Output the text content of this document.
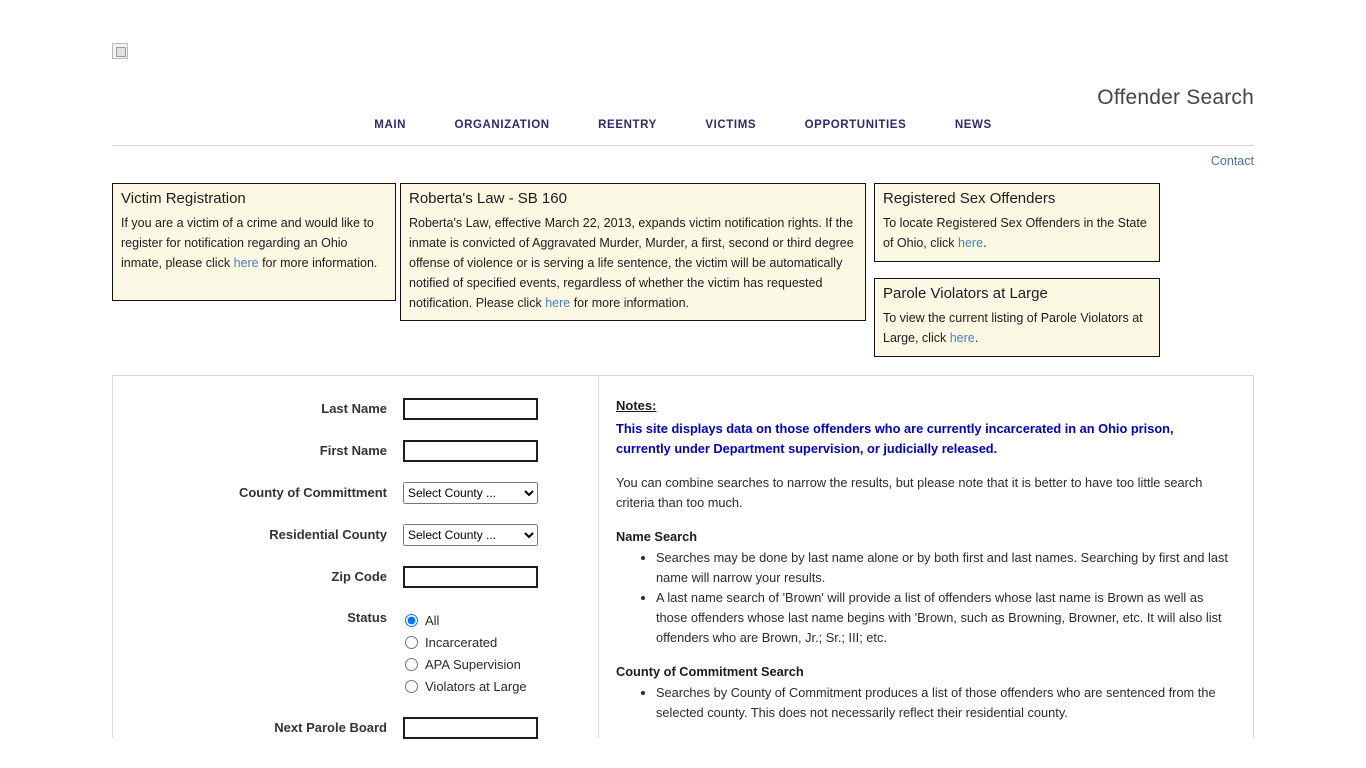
Offender Search
MAIN	ORGANIZATION	REENTRY	VICTIMS	OPPORTUNITIES	NEWS
Contact
Victim Registration

If you are a victim of a crime and would like to register for notification regarding an Ohio inmate, please click here for more information.

Roberta's Law - SB 160

Roberta's Law, effective March 22, 2013, expands victim notification rights. If the inmate is convicted of Aggravated Murder, Murder, a first, second or third degree offense of violence or is serving a life sentence, the victim will be automatically notified of specified events, regardless of whether the victim has requested notification. Please click here for more information.

Registered Sex Offenders

To locate Registered Sex Offenders in the State of Ohio, click here.

Parole Violators at Large

To view the current listing of Parole Violators at Large, click here.

Last Name
First Name
County of Committment
Select County ...
Residential County
Select County ...
Zip Code
Status	All
Incarcerated
APA Supervision
Violators at Large
Next Parole Board
Notes:
This site displays data on those offenders who are currently incarcerated in an Ohio prison, currently under Department supervision, or judicially released.
You can combine searches to narrow the results, but please note that it is better to have too little search criteria than too much.
Name Search
• Searches may be done by last name alone or by both first and last names. Searching by first and last name will narrow your results.
• A last name search of 'Brown' will provide a list of offenders whose last name is Brown as well as those offenders whose last name begins with 'Brown, such as Browning, Browner, etc. It will also list offenders who are Brown, Jr.; Sr.; III; etc.
County of Commitment Search
• Searches by County of Commitment produces a list of those offenders who are sentenced from the selected county. This does not necessarily reflect their residential county.
